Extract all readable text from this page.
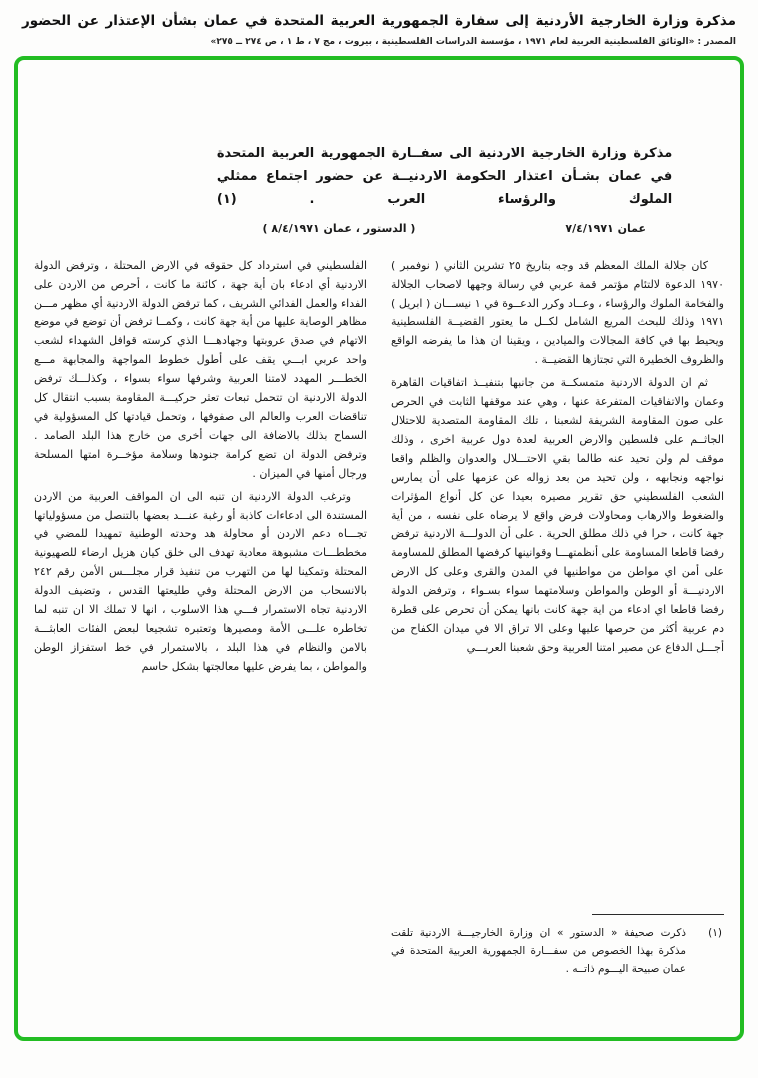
مذكرة وزارة الخارجية الأردنية إلى سفارة الجمهورية العربية المتحدة في عمان بشأن الإعتذار عن الحضور
المصدر : «الوثائق الفلسطينية العربية لعام ١٩٧١ ، مؤسسة الدراسات الفلسطينية ، بيروت ، مج ٧ ، ط ١ ، ص ٢٧٤ ــ ٢٧٥»
مذكرة وزارة الخارجية الاردنية الى سفــارة الجمهورية العربية المتحدة في عمان بشـأن اعتذار الحكومة الاردنيــة عن حضور اجتماع ممثلي الملوك والرؤساء العرب . (١)
عمان ٧/٤/١٩٧١
( الدستور ، عمان ٨/٤/١٩٧١ )

كان جلالة الملك المعظم قد وجه بتاريخ ٢٥ تشرين الثاني ( نوفمبر ) ١٩٧٠ الدعوة لالتئام مؤتمر قمة عربي في رسالة وجهها لاصحاب الجلالة والفخامة الملوك والرؤساء ، وعــاد وكرر الدعــوة في ١ نيســـان ( ابريل ) ١٩٧١ وذلك للبحث المريع الشامل لكــل ما يعتور القضيــة الفلسطينية ويحيط بها في كافة المجالات والميادين ، ويقينا ان هذا ما يفرضه الواقع والظروف الخطيرة التي تجتازها القضيــة .

ثم ان الدولة الاردنية متمسكــة من جانبها بتنفيــذ اتفاقيات القاهرة وعمان والاتفاقيات المتفرعة عنها ، وهي عند موقفها الثابت في الحرص على صون المقاومة الشريفة لشعبنا ، تلك المقاومة المتصدية للاحتلال الجاثــم على فلسطين والارض العربية لعدة دول عربية اخرى ، وذلك موقف لم ولن تحيد عنه طالما بقي الاحتـــلال والعدوان والظلم واقعا نواجهه ونجابهه ، ولن تحيد من بعد زواله عن عزمها على أن يمارس الشعب الفلسطيني حق تقرير مصيره بعيدا عن كل أنواع المؤثرات والضغوط والارهاب ومحاولات فرض واقع لا يرضاه على نفسه ، من أية جهة كانت ، حرا في ذلك مطلق الحرية . على أن الدولـــة الاردنية ترفض رفضا قاطعا المساومة على أنظمتهـــا وقوانينها كرفضها المطلق للمساومة على أمن اي مواطن من مواطنيها في المدن والقرى وعلى كل الارض الاردنيـــة أو الوطن والمواطن وسلامتهما سواء بسـواء ، وترفض الدولة رفضا قاطعا اي ادعاء من اية جهة كانت بانها يمكن أن تحرص على قطرة دم عربية أكثر من حرصها عليها وعلى الا تراق الا في ميدان الكفاح من أجـــل الدفاع عن مصير امتنا العربية وحق شعبنا العربـــي

(١)
ذكرت صحيفة « الدستور » ان وزارة الخارجيـــة الاردنية تلقت مذكرة بهذا الخصوص من سفـــارة الجمهورية العربية المتحدة في عمان صبيحة اليـــوم ذاتــه .

الفلسطيني في استرداد كل حقوقه في الارض المحتلة ، وترفض الدولة الاردنية أي ادعاء بان أية جهة ، كائنة ما كانت ، أحرص من الاردن على الفداء والعمل الفدائي الشريف ، كما ترفض الدولة الاردنية أي مظهر مـــن مظاهر الوصاية عليها من أية جهة كانت ، وكمــا ترفض أن توضع في موضع الاتهام في صدق عروبتها وجهادهـــا الذي كرسته قوافل الشهداء لشعب واحد عربي ابـــي يقف على أطول خطوط المواجهة والمجابهة مـــع الخطـــر المهدد لامتنا العربية وشرفها سواء بسواء ، وكذلـــك ترفض الدولة الاردنية ان تتحمل تبعات تعثر حركيـــة المقاومة بسبب انتقال كل تناقضات العرب والعالم الى صفوفها ، وتحمل قيادتها كل المسؤولية في السماح بذلك بالاضافة الى جهات أخرى من خارج هذا البلد الصامد . وترفض الدولة ان تضع كرامة جنودها وسلامة مؤخــرة امتها المسلحة ورجال أمنها في الميزان .

وترغب الدولة الاردنية ان تنبه الى ان المواقف العربية من الاردن المستندة الى ادعاءات كاذبة أو رغبة عنـــد بعضها بالتنصل من مسؤولياتها تجـــاه دعم الاردن أو محاولة هد وحدته الوطنية تمهيدا للمضي في مخططـــات مشبوهة معادية تهدف الى خلق كيان هزيل ارضاء للصهيونية المحتلة وتمكينا لها من التهرب من تنفيذ قرار مجلـــس الأمن رقم ٢٤٢ بالانسحاب من الارض المحتلة وفي طليعتها القدس ، وتضيف الدولة الاردنية تجاه الاستمرار فـــي هذا الاسلوب ، انها لا تملك الا ان تنبه لما تخاطره علـــى الأمة ومصيرها وتعتبره تشجيعا لبعض الفئات العابثـــة بالامن والنظام في هذا البلد ، بالاستمرار في خط استفزاز الوطن والمواطن ، بما يفرض عليها معالجتها بشكل حاسم
